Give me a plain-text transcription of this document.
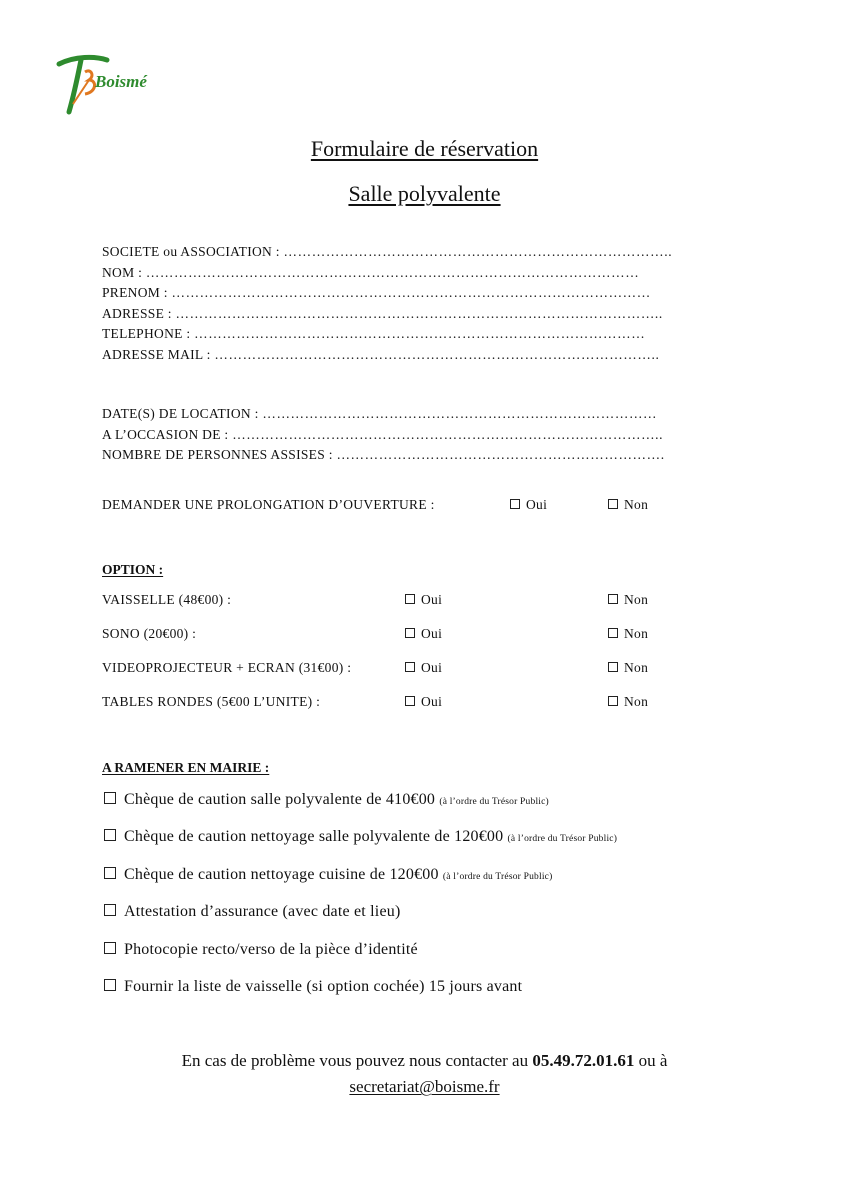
Boismé
Formulaire de réservation
Salle polyvalente
SOCIETE ou ASSOCIATION : ………………………………………………………………………..
NOM : ……………………………………………………………………………………………
PRENOM : …………………………………………………………………………………………
ADRESSE : …………………………………………………………………………………………..
TELEPHONE : ……………………………………………………………………………………
ADRESSE MAIL : …………………………………………………………………………………..
DATE(S) DE LOCATION : …………………………………………………………………………
A L’OCCASION DE : ………………………………………………………………………………..
NOMBRE DE PERSONNES ASSISES : …………………………………………………………….
DEMANDER UNE PROLONGATION D’OUVERTURE :	Oui	Non
OPTION :
VAISSELLE (48€00) :	Oui	Non
SONO (20€00) :	Oui	Non
VIDEOPROJECTEUR + ECRAN (31€00) :	Oui	Non
TABLES RONDES (5€00 L’UNITE) :	Oui	Non
A RAMENER EN MAIRIE :
Chèque de caution salle polyvalente de 410€00 (à l’ordre du Trésor Public)
Chèque de caution nettoyage salle polyvalente de 120€00 (à l’ordre du Trésor Public)
Chèque de caution nettoyage cuisine de 120€00 (à l’ordre du Trésor Public)
Attestation d’assurance (avec date et lieu)
Photocopie recto/verso de la pièce d’identité
Fournir la liste de vaisselle (si option cochée) 15 jours avant
En cas de problème vous pouvez nous contacter au 05.49.72.01.61 ou à
secretariat@boisme.fr
